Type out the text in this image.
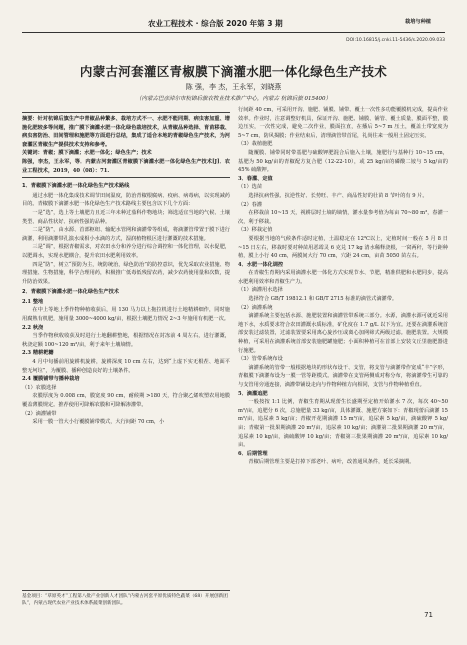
农业工程技术 · 综合版 2020 年第 3 期	栽培与种植
DOI:10.16815/j.cnki.11-5436/s.2020.09.033
内蒙古河套灌区青椒膜下滴灌水肥一体化绿色生产技术
陈 强，李 杰，王永军，刘晓燕
（内蒙古巴彦淖尔市杭锦后旗农牧业技术推广中心，内蒙古 杭锦后旗 015400）

摘要：针对杭锦后旗生产中青椒品种繁多、栽培方式不一、水肥不能同期、病虫害加重、增施化肥较多等问题，推广膜下滴灌水肥一体化绿色栽培技术，从青椒品种选择、育苗移栽、病虫害防治、田间管理和施肥等方面进行总结，集成了适合本地的青椒绿色生产技术，为河套灌区青椒生产提供技术支持和参考。

关键词：青椒；膜下滴灌；水肥一体化；绿色生产；技术

陈强，李杰，王永军，等．内蒙古河套灌区青椒膜下滴灌水肥一体化绿色生产技术[J]．农业工程技术，2019，40（08）：71.

1．青椒膜下滴灌水肥一体化绿色生产技术路线

通过水肥一体化集成技术调节田间温度，防治青椒根腐病、疫病、病毒病，以实现减药目的。青椒膜下滴灌水肥一体化绿色生产技术路线主要包含以下几个方面：

一是“选”，选上等土壤肥力且近三年未种过茄科作物地块；筛选适宜当地的气候、土壤类型、商品性状好、抗病性强的品种。

二是“防”，由水源、首部枢纽、输配水管网和滴灌带等组成，将滴灌管带置于膜下进行滴灌，利用滴灌带孔演水成相小水滴的方式，湿润植物根区进行灌溉的技术措施。

三是“调”，根据青椒需求，对农田水分和养分进行综合调控和一体化管理，以水促肥，以肥调水，实现水肥耦合，提升农田水肥利用效率。

四是“防”，树立“预防为主，统防统治，绿色防治”的防控意识，优先采取农业措施、物理措施、生物措施，科学合理用药，积极推广低毒低残留农药，减少农药使用量和次数，提升防治效果。

2．青椒膜下滴灌水肥一体化绿色生产技术

2.1 整地

在中上等地上季作物种植收获后，用 130 马力以上拖拉机进行土地精耕细作，同时施用腐熟有机肥，施用量 3000~4000 kg/亩，根据土壤肥力情况 2~3 年施用有机肥一次。

2.2 秋浇

当季作物秋收收获及时进行土地翻耕整地，根据情况在封冻前 4 周左右，进行灌溉，秋浇定额 100~120 m³/亩，利于来年土壤墒情。

2.3 精耕耙耱

4 月中旬播前用旋耕机旋耕，旋耕深度 10 cm 左右，达到“上虚下实无根茬、地面平整无坷垃”，为覆膜、播种创造良好的土壤条件。

2.4 覆膜铺带与播种栽培

（1）农膜选择

农膜厚度为 0.008 cm，膜宽度 90 cm，耐候期 >180 天，符合聚乙烯吹塑农用地膜覆盖薄膜规定。推荐使用可降解农膜和可降解渗灌带。

（2）滴灌铺带

采用一膜一管大小行覆膜铺带模式，大行间距 70 cm，小

行间距 40 cm，可采用开沟、施肥、铺膜、铺带、覆土一次性多功能覆膜机完成，提高作业效率。作业时，注意调整好机具，保证开沟、施肥、铺膜、铺管、覆土质量，膜面平整，膜边压实，一次性完成，避免二次作业，膜面拉直，在播后 5~7 m 压土，覆盖土带宽度为 5~7 cm，防风揭膜；作业结束后，清理滴管带首尾，礼尚往来一般用土固定压实。

（3）栽植施肥

随覆膜、铺带同时带基肥与硫酸钾肥混合后施入土壤，施肥行与基种行 10~15 cm，基肥为 50 kg/亩的青椒配方复合肥（12-22-10），或 25 kg/亩的磷酸二铵与 5 kg/亩的 45% 硫酸钾。

3．春灌、定值

（1）选苗

选择抗病性强、抗逆性好、长势旺、丰产、商品性好的壮苗 8 节叶的有 9 片。

（2）春灌

在移栽前 10~15 天，视耕层时土墒的墒情，灌水量参考值为每亩 70~80 m³，春灌一次，利于移栽。

（3）移栽定值

要根据当地的气候条件适时定植，土温稳定在 12℃以上，定植时间一般在 5 月 8 日~15 日左右，移栽时要对种苗用恶霉灵 6 克兑 17 kg 清水稀释浇根，一窝两秆，等行距种植，膜上小行 40 cm，两膜间大行 70 cm，穴距 24 cm，亩苗 5050 苗左右。

4．水肥一体化调控

在青椒生育期内采用滴灌水肥一体化方式实现节水、节肥，精准供肥和水肥同步，提高水肥利用效率和青椒生产力。

（1）滴灌用水选择

选择符合 GB/T 19812.1 和 GB/T 2715 标准的滴管式滴灌带。

（2）滴灌系统

滴灌系统主要包括水源、施肥装置和滴灌管带系统三部分。水源，滴灌水源可就近采用地下水，水质要求符合农田灌溉水质标准，矿化度在 1.7 g/L 以下为宜。还要在滴灌系统首部安装过滤装置，过滤装置要采用离心旋沙压或离心加网筛式两级过滤。施肥装置。大规模种植，可采用在滴灌系统首部安装施肥罐施肥；小面积种植可在首部上安装文丘里施肥器进行施肥。

（3）管带系统布设

滴灌系统的管带一般根据地块的形状布设干、支管，将支管与滴灌带作宽成“丰”字形，青椒膜下滴灌布设为一膜一管等距模式。滴灌带在支管两侧成对称分布，将滴灌带生可靠的与支管用旁通连接，滴灌带铺设走向与作物种植方向相同，支管与作物种植垂直。

5．滴灌追肥

一般按按 1:1 比例，青椒生育期从现蕾生长盛期至定植开始灌水 7 次，每次 40~50 m³/亩，追肥分 6 次，总施肥量 33 kg/亩，具体灌溉、施肥方案如下：青椒现蕾后滴灌 15 m³/亩，追尿素 5 kg/亩；青椒开花期滴灌 15 m³/亩，追尿素 5 kg/亩，滴硫酸钾 5 kg/亩；青椒第一批果期滴灌 20 m³/亩，追尿素 10 kg/亩；滴灌第二批果期滴灌 20 m³/亩，追尿素 10 kg/亩，滴硫酸钾 10 kg/亩；青椒第三批果期滴灌 20 m³/亩，追尿素 10 kg/亩。

6．后期管理

青椒后期管理主要是打掉下部老叶、病叶，改善通风条件，延长采摘期。

基金项目：“草原英才”工程第八批产业创新人才团队“内蒙古河套平原优质特色蔬菜（68）开展创新团队”，内蒙古现代农业产业技术体系蔬菜创新团队。
71
